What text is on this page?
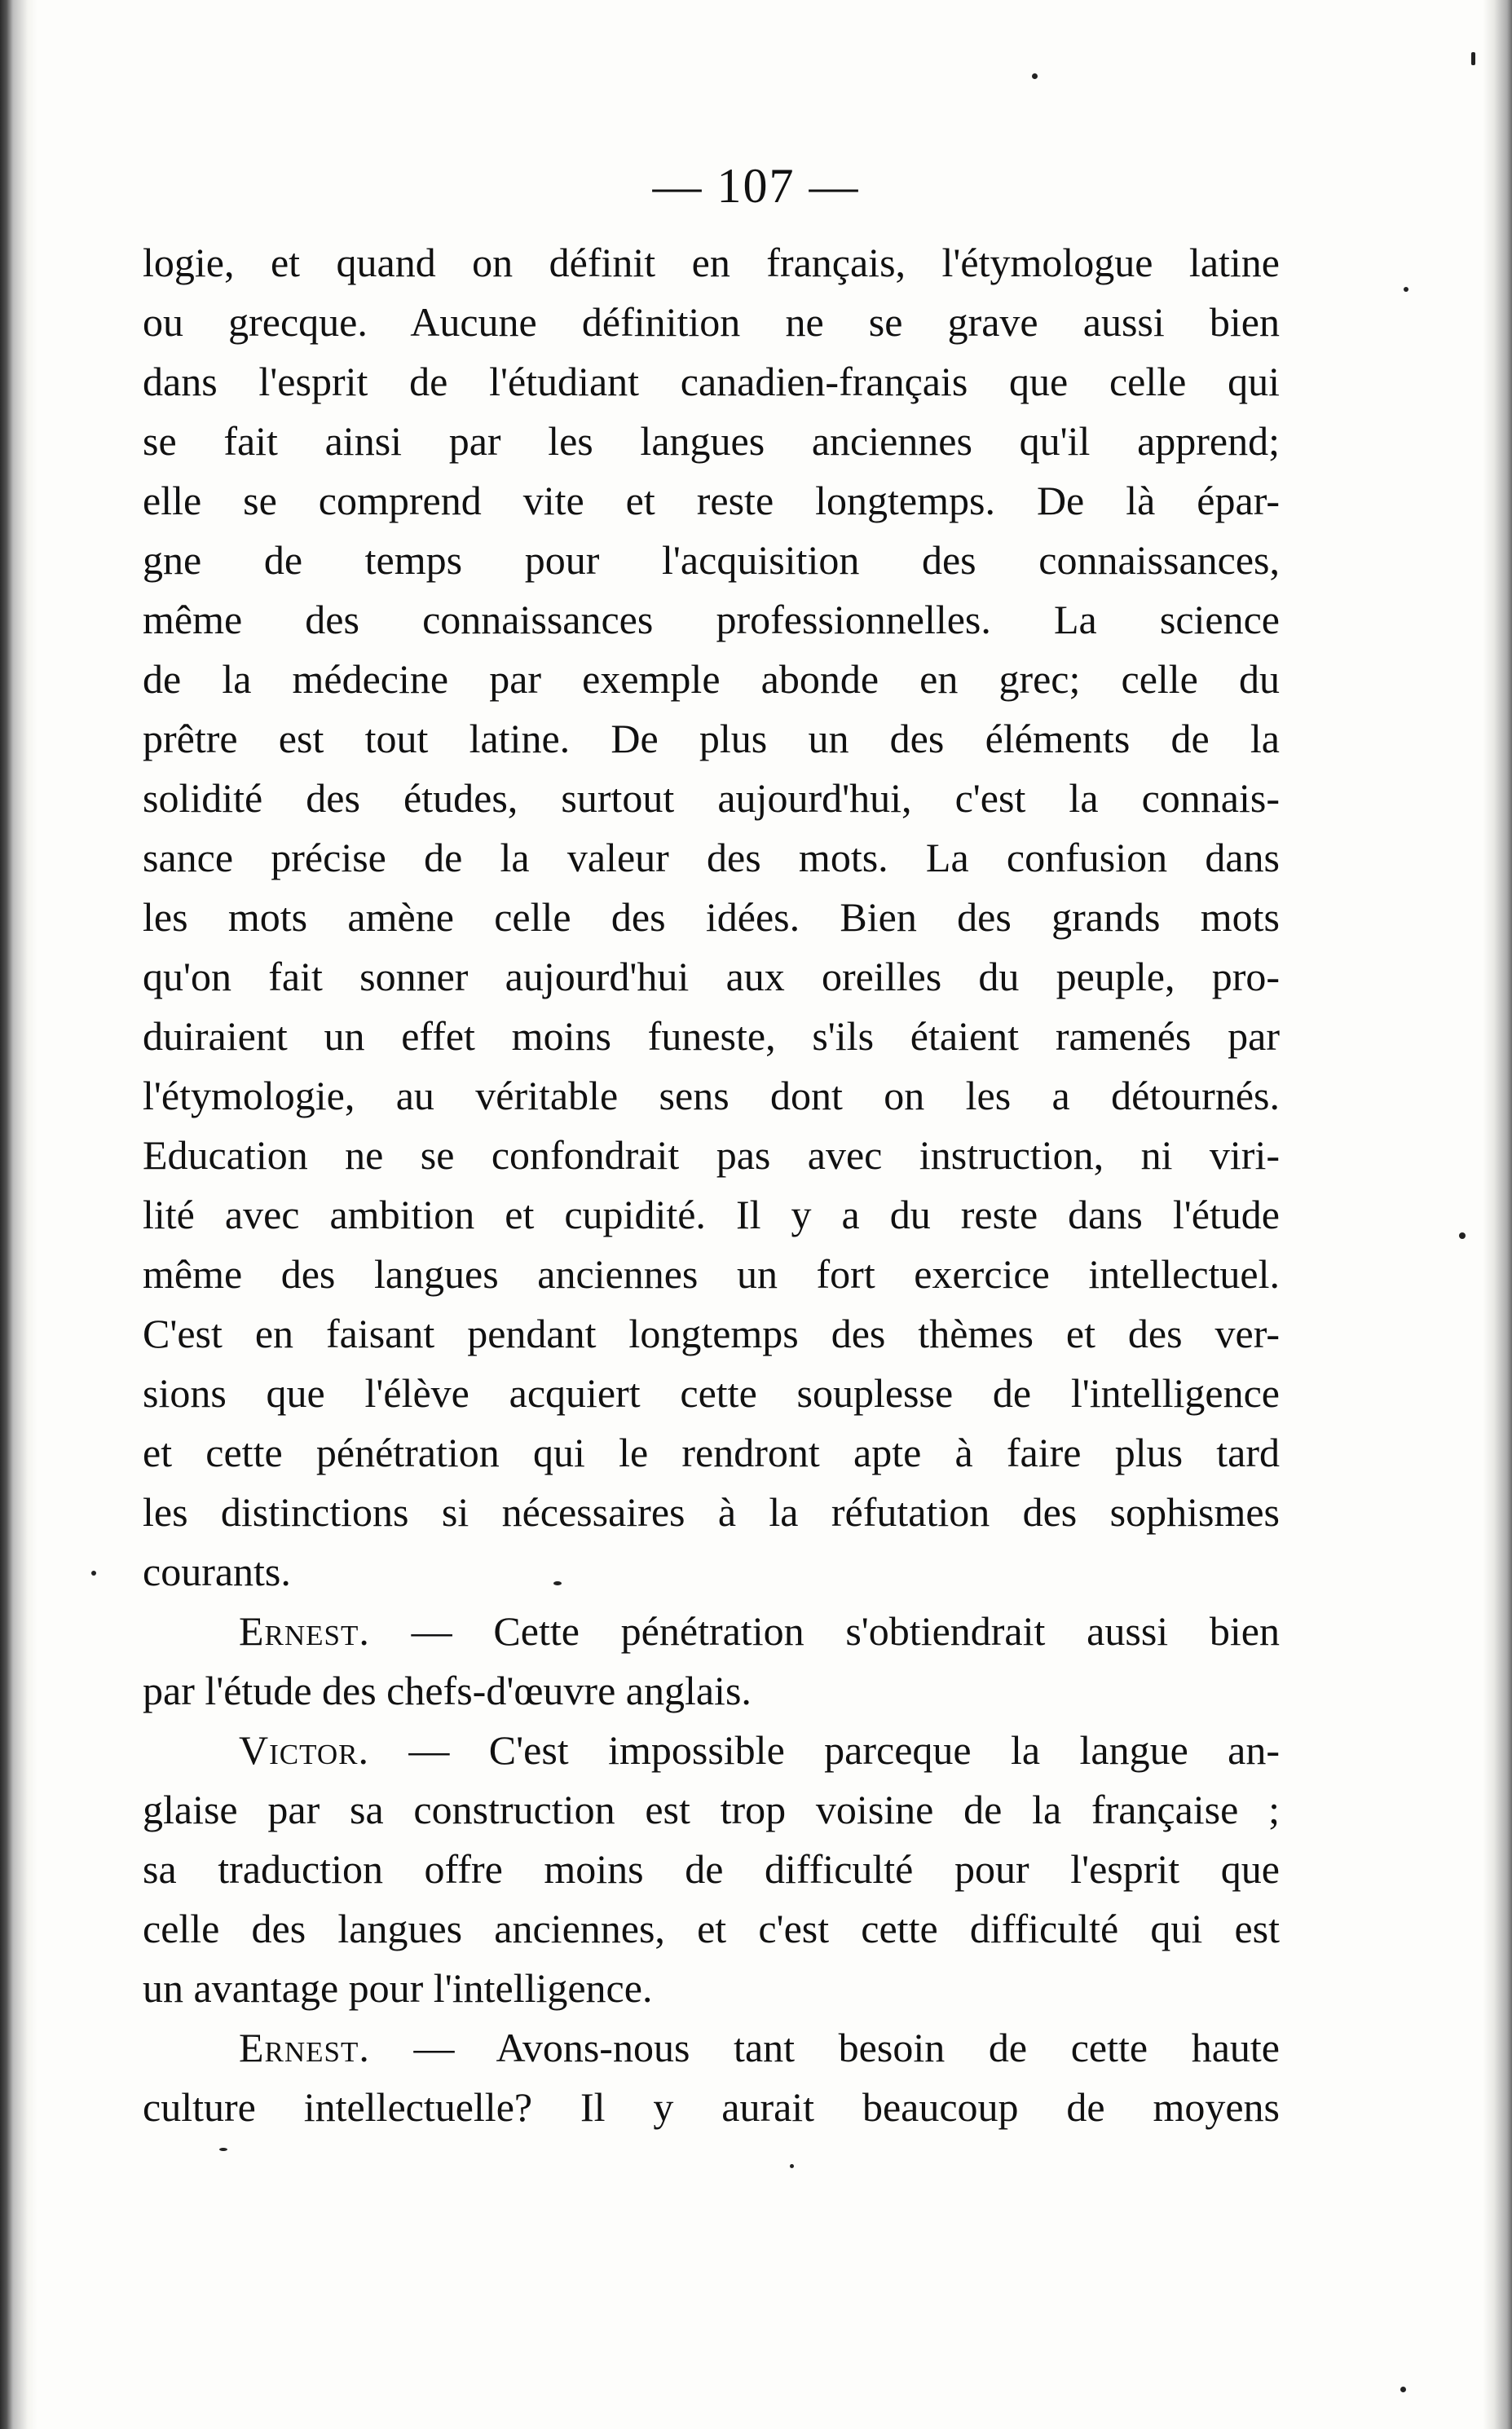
— 107 —
logie, et quand on définit en français, l'étymologue latine
ou grecque. Aucune définition ne se grave aussi bien
dans l'esprit de l'étudiant canadien-français que celle qui
se fait ainsi par les langues anciennes qu'il apprend;
elle se comprend vite et reste longtemps. De là épar-
gne de temps pour l'acquisition des connaissances,
même des connaissances professionnelles. La science
de la médecine par exemple abonde en grec; celle du
prêtre est tout latine. De plus un des éléments de la
solidité des études, surtout aujourd'hui, c'est la connais-
sance précise de la valeur des mots. La confusion dans
les mots amène celle des idées. Bien des grands mots
qu'on fait sonner aujourd'hui aux oreilles du peuple, pro-
duiraient un effet moins funeste, s'ils étaient ramenés par
l'étymologie, au véritable sens dont on les a détournés.
Education ne se confondrait pas avec instruction, ni viri-
lité avec ambition et cupidité. Il y a du reste dans l'étude
même des langues anciennes un fort exercice intellectuel.
C'est en faisant pendant longtemps des thèmes et des ver-
sions que l'élève acquiert cette souplesse de l'intelligence
et cette pénétration qui le rendront apte à faire plus tard
les distinctions si nécessaires à la réfutation des sophismes
courants.
Ernest. — Cette pénétration s'obtiendrait aussi bien
par l'étude des chefs-d'œuvre anglais.
Victor. — C'est impossible parceque la langue an-
glaise par sa construction est trop voisine de la française ;
sa traduction offre moins de difficulté pour l'esprit que
celle des langues anciennes, et c'est cette difficulté qui est
un avantage pour l'intelligence.
Ernest. — Avons-nous tant besoin de cette haute
culture intellectuelle? Il y aurait beaucoup de moyens
